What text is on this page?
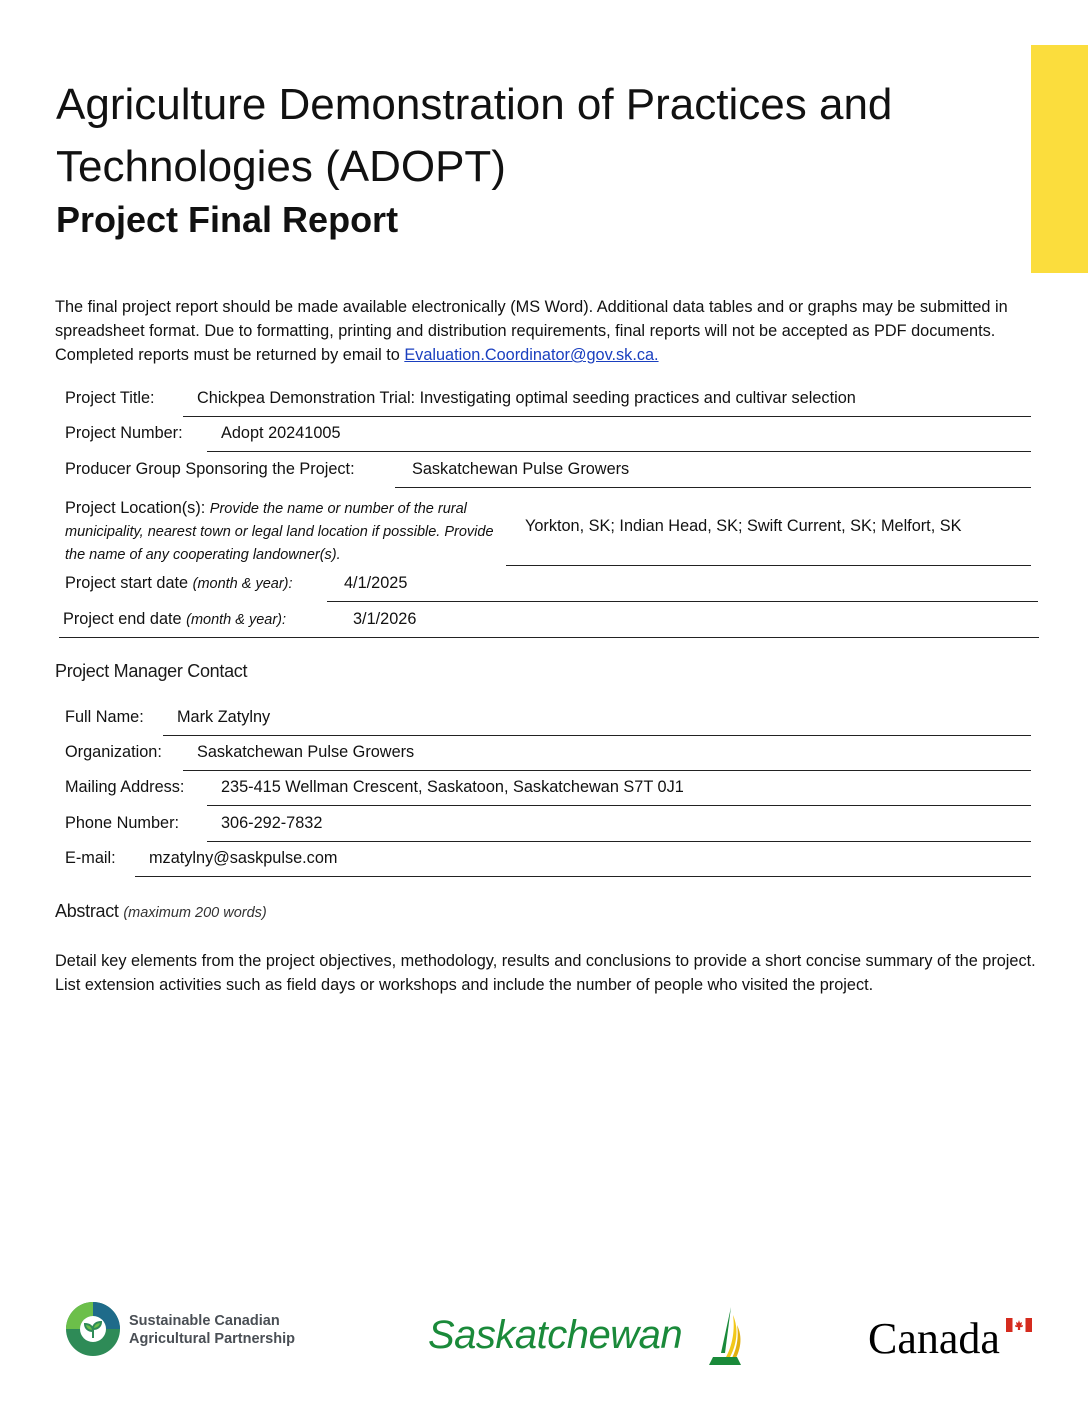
Agriculture Demonstration of Practices and
Technologies (ADOPT)
Project Final Report

The final project report should be made available electronically (MS Word). Additional data tables and or graphs may be submitted in spreadsheet format. Due to formatting, printing and distribution requirements, final reports will not be accepted as PDF documents. Completed reports must be returned by email to Evaluation.Coordinator@gov.sk.ca.

Project Title:	Chickpea Demonstration Trial: Investigating optimal seeding practices and cultivar selection
Project Number: Adopt 20241005
Producer Group Sponsoring the Project:	Saskatchewan Pulse Growers
Project Location(s): Provide the name or number of the rural municipality, nearest town or legal land location if possible. Provide the name of any cooperating landowner(s).
Yorkton, SK; Indian Head, SK; Swift Current, SK; Melfort, SK
Project start date (month & year):	4/1/2025
Project end date (month & year):	3/1/2026
Project Manager Contact
Full Name: Mark Zatylny
Organization: Saskatchewan Pulse Growers
Mailing Address: 235-415 Wellman Crescent, Saskatoon, Saskatchewan S7T 0J1
Phone Number:	306-292-7832
E-mail: mzatylny@saskpulse.com
Abstract (maximum 200 words)

Detail key elements from the project objectives, methodology, results and conclusions to provide a short concise summary of the project. List extension activities such as field days or workshops and include the number of people who visited the project.

Sustainable Canadian
Agricultural Partnership	Saskatchewan	Canada
